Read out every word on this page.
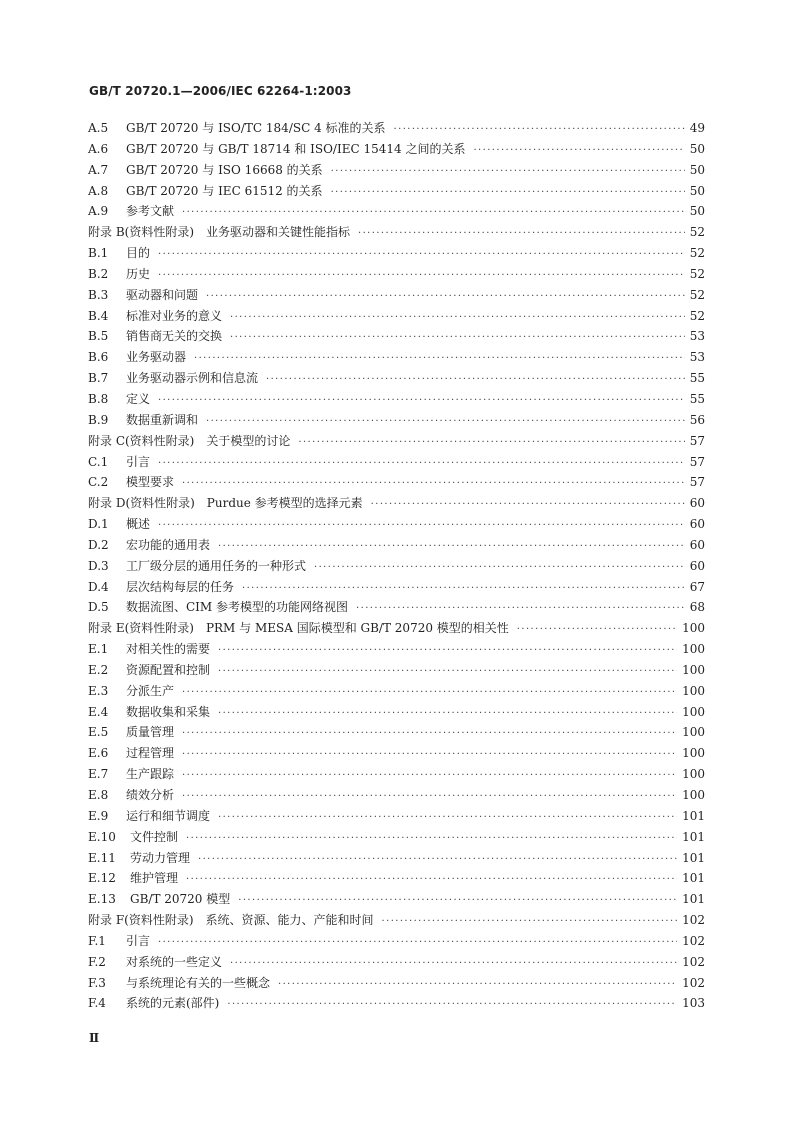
GB/T 20720.1—2006/IEC 62264-1:2003
A.5	GB/T 20720 与 ISO/TC 184/SC 4 标准的关系 ·····	49
A.6	GB/T 20720 与 GB/T 18714 和 ISO/IEC 15414 之间的关系 ·····	50
A.7	GB/T 20720 与 ISO 16668 的关系 ·····	50
A.8	GB/T 20720 与 IEC 61512 的关系 ·····	50
A.9	参考文献 ·····	50
附录 B (资料性附录)　业务驱动器和关键性能指标 ·····	52
B.1	目的 ·····	52
B.2	历史 ·····	52
B.3	驱动器和问题 ·····	52
B.4	标准对业务的意义 ·····	52
B.5	销售商无关的交换 ·····	53
B.6	业务驱动器 ·····	53
B.7	业务驱动器示例和信息流 ·····	55
B.8	定义 ·····	55
B.9	数据重新调和 ·····	56
附录 C (资料性附录)　关于模型的讨论 ·····	57
C.1	引言 ·····	57
C.2	模型要求 ·····	57
附录 D (资料性附录)　Purdue 参考模型的选择元素 ·····	60
D.1	概述 ·····	60
D.2	宏功能的通用表 ·····	60
D.3	工厂级分层的通用任务的一种形式 ·····	60
D.4	层次结构每层的任务 ·····	67
D.5	数据流图、CIM 参考模型的功能网络视图 ·····	68
附录 E (资料性附录)　PRM 与 MESA 国际模型和 GB/T 20720 模型的相关性 ·····	100
E.1	对相关性的需要 ·····	100
E.2	资源配置和控制 ·····	100
E.3	分派生产 ·····	100
E.4	数据收集和采集 ·····	100
E.5	质量管理 ·····	100
E.6	过程管理 ·····	100
E.7	生产跟踪 ·····	100
E.8	绩效分析 ·····	100
E.9	运行和细节调度 ·····	101
E.10	文件控制 ·····	101
E.11	劳动力管理 ·····	101
E.12	维护管理 ·····	101
E.13	GB/T 20720 模型 ·····	101
附录 F (资料性附录)　系统、资源、能力、产能和时间 ·····	102
F.1	引言 ·····	102
F.2	对系统的一些定义 ·····	102
F.3	与系统理论有关的一些概念 ·····	102
F.4	系统的元素(部件) ·····	103
Ⅱ
